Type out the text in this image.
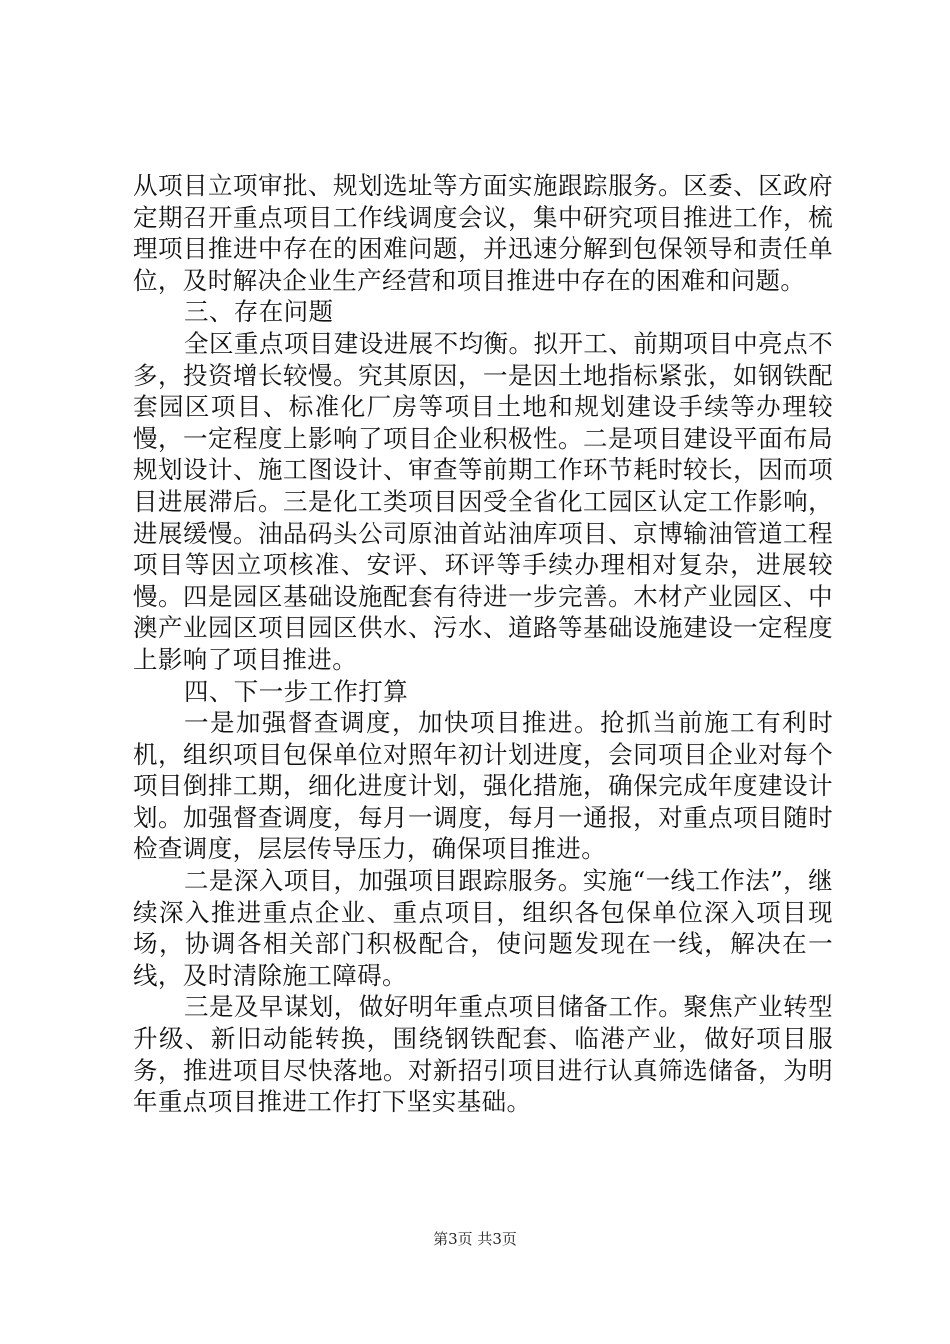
从项目立项审批、规划选址等方面实施跟踪服务。区委、区政府定期召开重点项目工作线调度会议，集中研究项目推进工作，梳理项目推进中存在的困难问题，并迅速分解到包保领导和责任单位，及时解决企业生产经营和项目推进中存在的困难和问题。

三、存在问题

全区重点项目建设进展不均衡。拟开工、前期项目中亮点不多，投资增长较慢。究其原因，一是因土地指标紧张，如钢铁配套园区项目、标准化厂房等项目土地和规划建设手续等办理较慢，一定程度上影响了项目企业积极性。二是项目建设平面布局规划设计、施工图设计、审查等前期工作环节耗时较长，因而项目进展滞后。三是化工类项目因受全省化工园区认定工作影响，进展缓慢。油品码头公司原油首站油库项目、京博输油管道工程项目等因立项核准、安评、环评等手续办理相对复杂，进展较慢。四是园区基础设施配套有待进一步完善。木材产业园区、中澳产业园区项目园区供水、污水、道路等基础设施建设一定程度上影响了项目推进。

四、下一步工作打算

一是加强督查调度，加快项目推进。抢抓当前施工有利时机，组织项目包保单位对照年初计划进度，会同项目企业对每个项目倒排工期，细化进度计划，强化措施，确保完成年度建设计划。加强督查调度，每月一调度，每月一通报，对重点项目随时检查调度，层层传导压力，确保项目推进。

二是深入项目，加强项目跟踪服务。实施“一线工作法”，继续深入推进重点企业、重点项目，组织各包保单位深入项目现场，协调各相关部门积极配合，使问题发现在一线，解决在一线，及时清除施工障碍。

三是及早谋划，做好明年重点项目储备工作。聚焦产业转型升级、新旧动能转换，围绕钢铁配套、临港产业，做好项目服务，推进项目尽快落地。对新招引项目进行认真筛选储备，为明年重点项目推进工作打下坚实基础。

第3页 共3页
